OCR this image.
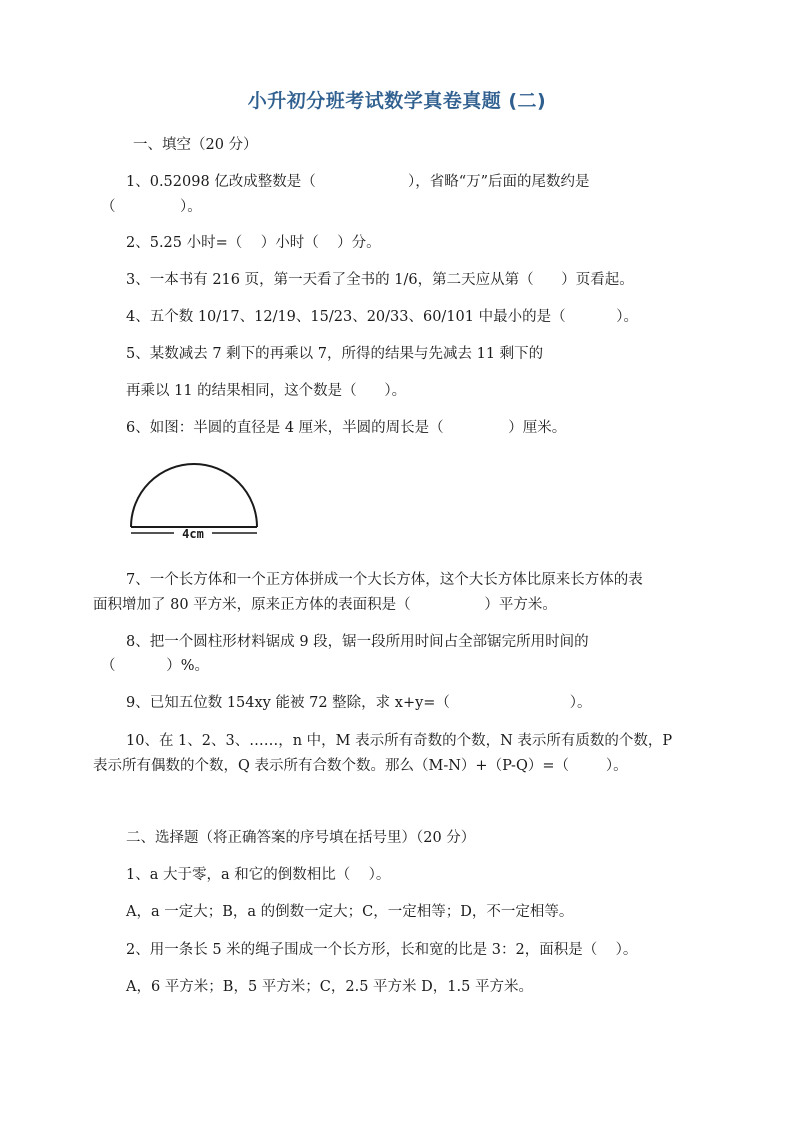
小升初分班考试数学真卷真题 (二)
一、填空（20 分）
1、0.52098 亿改成整数是（                    ），省略“万”后面的尾数约是
（              ）。
2、5.25 小时=（    ）小时（    ）分。
3、一本书有 216 页，第一天看了全书的 1/6，第二天应从第（      ）页看起。
4、五个数 10/17、12/19、15/23、20/33、60/101 中最小的是（           ）。
5、某数减去 7 剩下的再乘以 7，所得的结果与先减去 11 剩下的
再乘以 11 的结果相同，这个数是（      ）。
6、如图：半圆的直径是 4 厘米，半圆的周长是（              ）厘米。
4cm
7、一个长方体和一个正方体拼成一个大长方体，这个大长方体比原来长方体的表
面积增加了 80 平方米，原来正方体的表面积是（                ）平方米。
8、把一个圆柱形材料锯成 9 段，锯一段所用时间占全部锯完所用时间的
（           ）%。
9、已知五位数 154xy 能被 72 整除，求 x+y=（                          ）。
10、在 1、2、3、……，n 中，M 表示所有奇数的个数，N 表示所有质数的个数，P
表示所有偶数的个数，Q 表示所有合数个数。那么（M-N）+（P-Q）=（        ）。
二、选择题（将正确答案的序号填在括号里）（20 分）
1、a 大于零，a 和它的倒数相比（    ）。
A，a 一定大；B，a 的倒数一定大；C，一定相等；D，不一定相等。
2、用一条长 5 米的绳子围成一个长方形，长和宽的比是 3：2，面积是（    ）。
A，6 平方米；B，5 平方米；C，2.5 平方米 D，1.5 平方米。
